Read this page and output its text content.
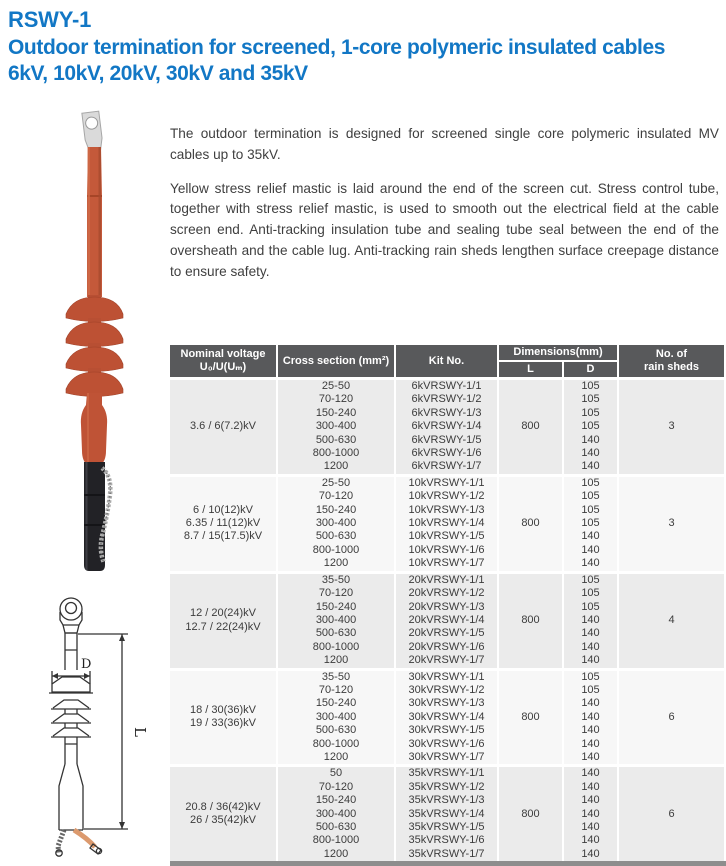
RSWY-1
Outdoor termination for screened, 1-core polymeric insulated cables
6kV, 10kV, 20kV, 30kV and 35kV

The outdoor termination is designed for screened single core polymeric insulated MV cables up to 35kV.

Yellow stress relief mastic is laid around the end of the screen cut. Stress control tube, together with stress relief mastic, is used to smooth out the electrical field at the cable screen end. Anti-tracking insulation tube and sealing tube seal between the end of the oversheath and the cable lug. Anti-tracking rain sheds lengthen surface creepage distance to ensure safety.

D
L
Nominal voltage
U₀/U(Uₘ)
	Cross section (mm²)	Kit No.	Dimensions(mm)	No. of
rain sheds

			L	D	

3.6 / 6(7.2)kV	25-50	6kVRSWY-1/1	800	105	3
	70-120	6kVRSWY-1/2		105	
	150-240	6kVRSWY-1/3		105	
	300-400	6kVRSWY-1/4		105	
	500-630	6kVRSWY-1/5		140	
	800-1000	6kVRSWY-1/6		140	
	1200	6kVRSWY-1/7		140	

6 / 10(12)kV
6.35 / 11(12)kV
8.7 / 15(17.5)kV	25-50	10kVRSWY-1/1	800	105	3
	70-120	10kVRSWY-1/2		105	
	150-240	10kVRSWY-1/3		105	
	300-400	10kVRSWY-1/4		105	
	500-630	10kVRSWY-1/5		140	
	800-1000	10kVRSWY-1/6		140	
	1200	10kVRSWY-1/7		140	

12 / 20(24)kV
12.7 / 22(24)kV	35-50	20kVRSWY-1/1	800	105	4
	70-120	20kVRSWY-1/2		105	
	150-240	20kVRSWY-1/3		105	
	300-400	20kVRSWY-1/4		140	
	500-630	20kVRSWY-1/5		140	
	800-1000	20kVRSWY-1/6		140	
	1200	20kVRSWY-1/7		140	

18 / 30(36)kV
19 / 33(36)kV	35-50	30kVRSWY-1/1	800	105	6
	70-120	30kVRSWY-1/2		105	
	150-240	30kVRSWY-1/3		140	
	300-400	30kVRSWY-1/4		140	
	500-630	30kVRSWY-1/5		140	
	800-1000	30kVRSWY-1/6		140	
	1200	30kVRSWY-1/7		140	

20.8 / 36(42)kV
26 / 35(42)kV	50	35kVRSWY-1/1	800	140	6
	70-120	35kVRSWY-1/2		140	
	150-240	35kVRSWY-1/3		140	
	300-400	35kVRSWY-1/4		140	
	500-630	35kVRSWY-1/5		140	
	800-1000	35kVRSWY-1/6		140	
	1200	35kVRSWY-1/7		140	
